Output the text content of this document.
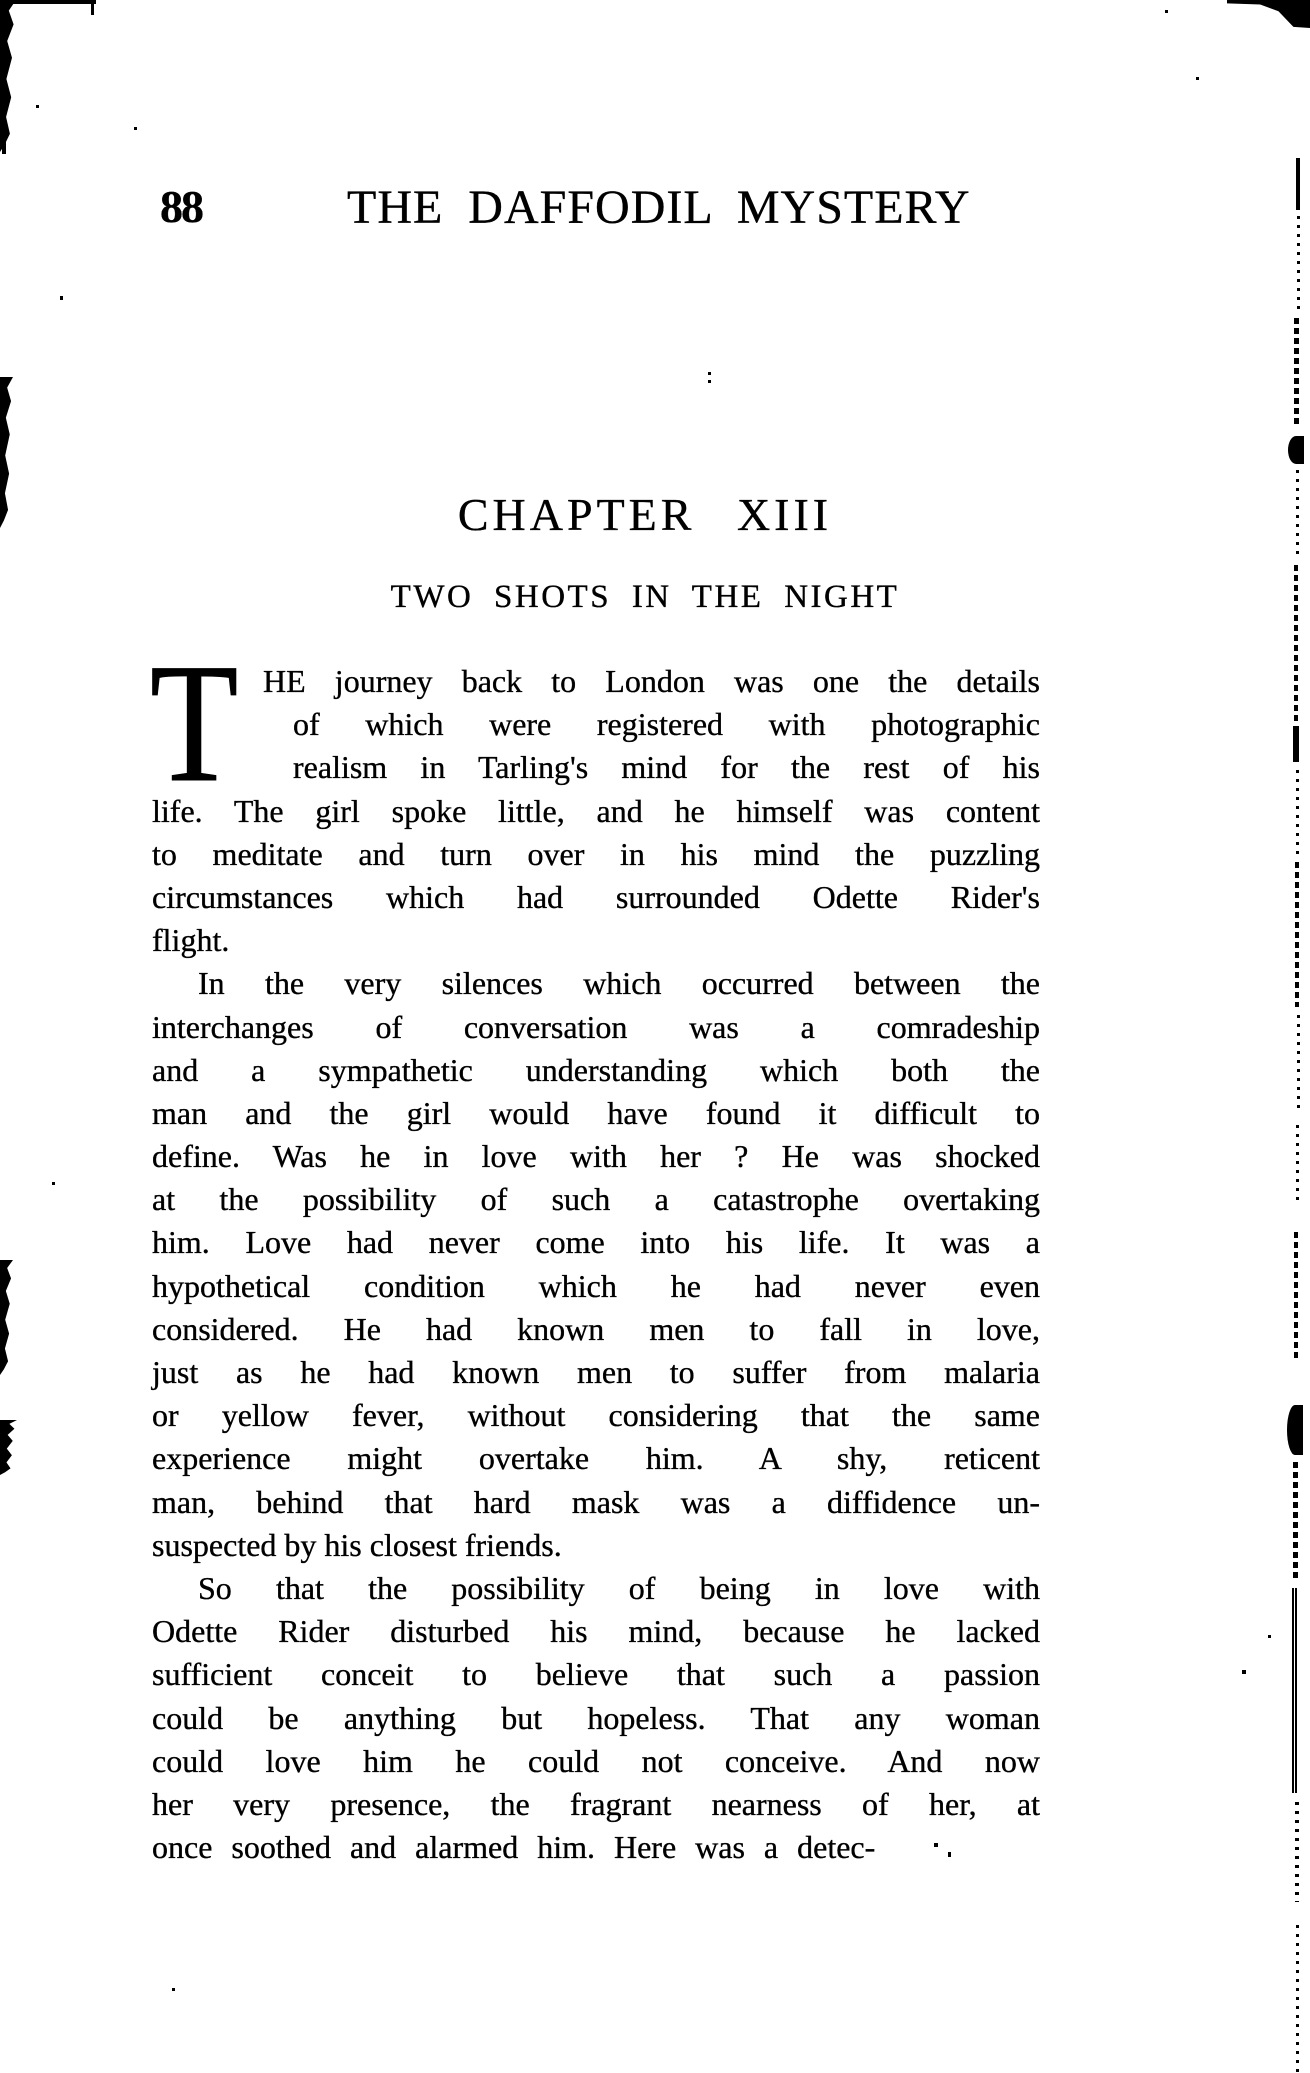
88	THE DAFFODIL MYSTERY
CHAPTER XIII
TWO SHOTS IN THE NIGHT
T HE journey back to London was one the details
of which were registered with photographic
realism in Tarling's mind for the rest of his
life. The girl spoke little, and he himself was content
to meditate and turn over in his mind the puzzling
circumstances which had surrounded Odette Rider's
flight.
In the very silences which occurred between the
interchanges of conversation was a comradeship
and a sympathetic understanding which both the
man and the girl would have found it difficult to
define. Was he in love with her ? He was shocked
at the possibility of such a catastrophe overtaking
him. Love had never come into his life. It was a
hypothetical condition which he had never even
considered. He had known men to fall in love,
just as he had known men to suffer from malaria
or yellow fever, without considering that the same
experience might overtake him. A shy, reticent
man, behind that hard mask was a diffidence un-
suspected by his closest friends.
So that the possibility of being in love with
Odette Rider disturbed his mind, because he lacked
sufficient conceit to believe that such a passion
could be anything but hopeless. That any woman
could love him he could not conceive. And now
her very presence, the fragrant nearness of her, at
once soothed and alarmed him. Here was a detec-
